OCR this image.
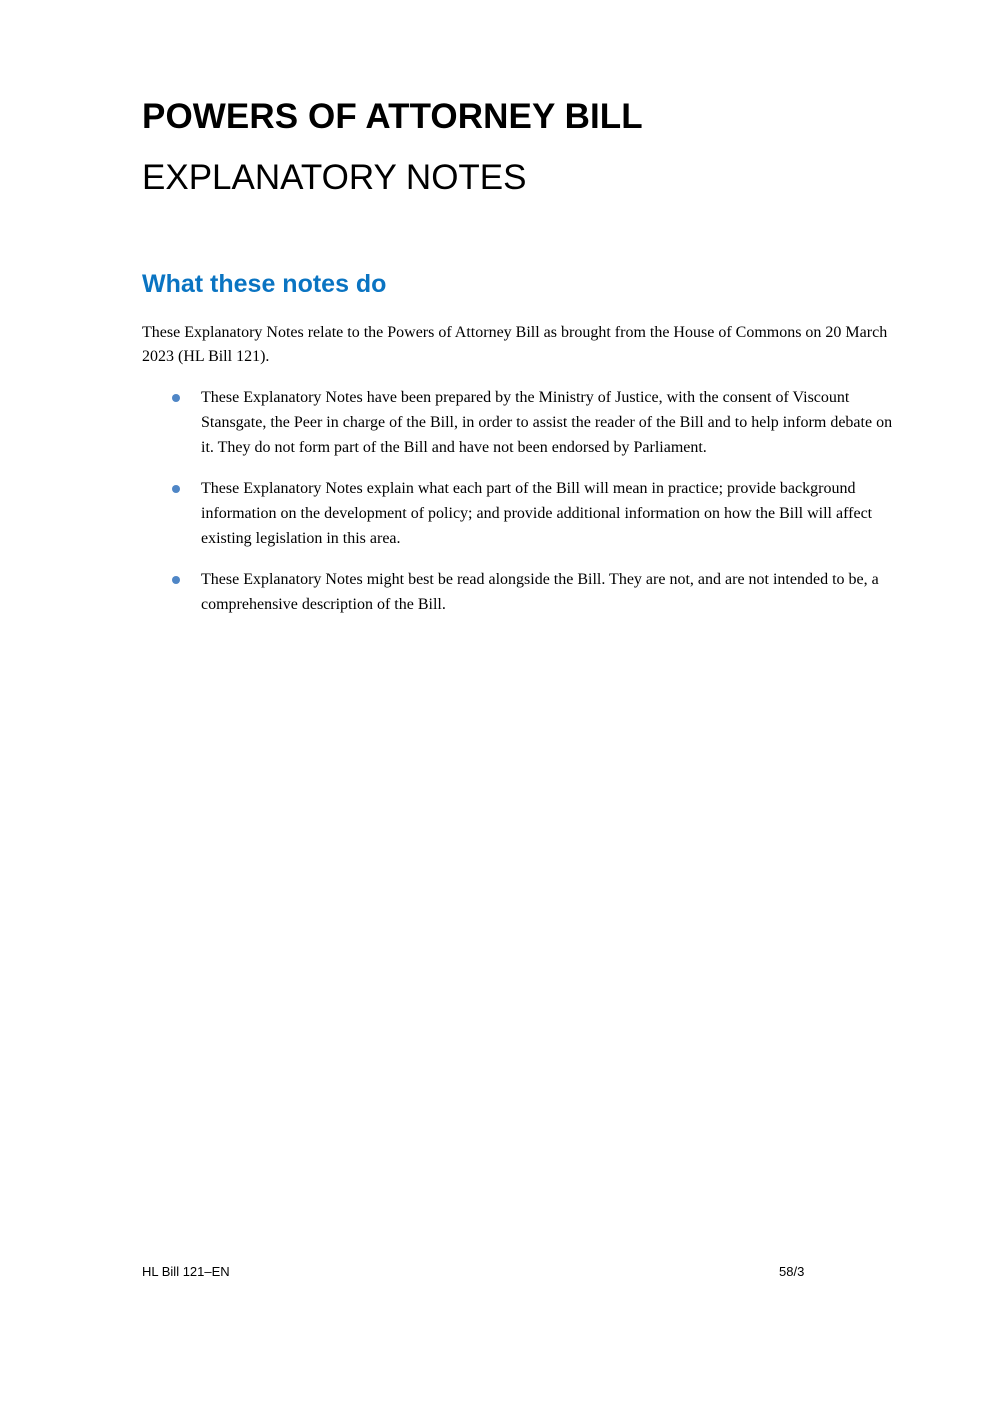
POWERS OF ATTORNEY BILL
EXPLANATORY NOTES
What these notes do

These Explanatory Notes relate to the Powers of Attorney Bill as brought from the House of Commons on 20 March 2023 (HL Bill 121).

These Explanatory Notes have been prepared by the Ministry of Justice, with the consent of Viscount Stansgate, the Peer in charge of the Bill, in order to assist the reader of the Bill and to help inform debate on it. They do not form part of the Bill and have not been endorsed by Parliament.
These Explanatory Notes explain what each part of the Bill will mean in practice; provide background information on the development of policy; and provide additional information on how the Bill will affect existing legislation in this area.
These Explanatory Notes might best be read alongside the Bill. They are not, and are not intended to be, a comprehensive description of the Bill.
HL Bill 121–EN	58/3
